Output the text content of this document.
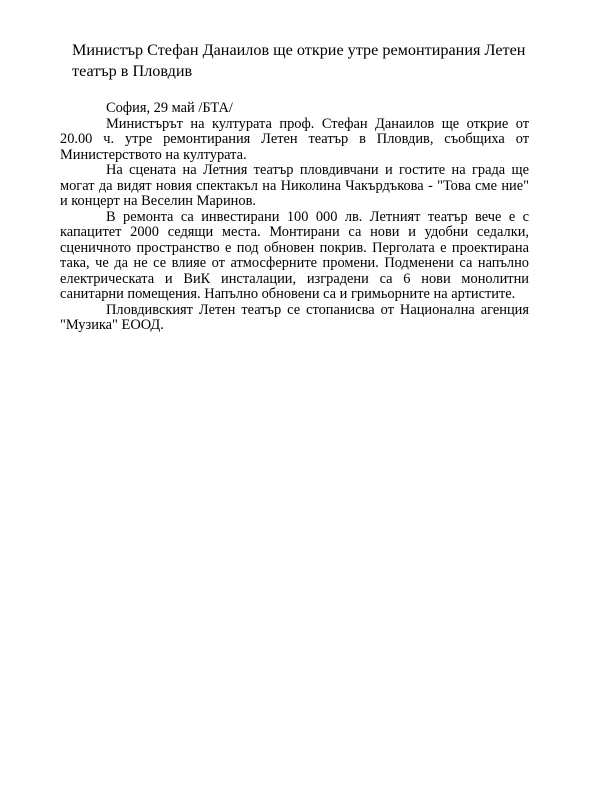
Министър Стефан Данаилов ще открие утре ремонтирания Летен театър в Пловдив

София, 29 май /БТА/

Министърът на културата проф. Стефан Данаилов ще открие от 20.00 ч. утре ремонтирания Летен театър в Пловдив, съобщиха от Министерството на културата.

На сцената на Летния театър пловдивчани и гостите на града ще могат да видят новия спектакъл на Николина Чакърдъкова - "Това сме ние" и концерт на Веселин Маринов.

В ремонта са инвестирани 100 000 лв. Летният театър вече е с капацитет 2000 седящи места. Монтирани са нови и удобни седалки, сценичното пространство е под обновен покрив. Перголата е проектирана така, че да не се влияе от атмосферните промени. Подменени са напълно електрическата и ВиК инсталации, изградени са 6 нови монолитни санитарни помещения. Напълно обновени са и гримьорните на артистите.

Пловдивският Летен театър се стопанисва от Национална агенция "Музика" ЕООД.
